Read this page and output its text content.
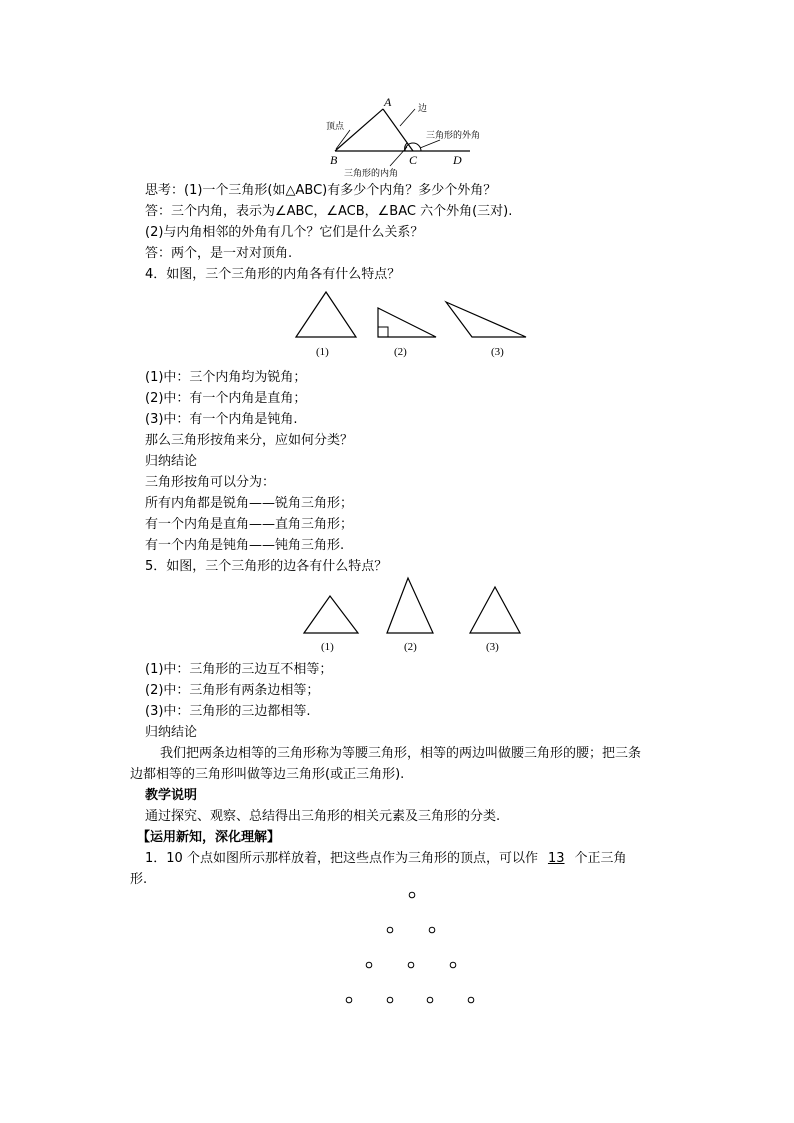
A
B	C	D
顶点
边
三角形的外角
三角形的内角
思考：(1)一个三角形(如△ABC)有多少个内角？多少个外角？
答：三个内角，表示为∠ABC，∠ACB，∠BAC 六个外角(三对).
(2)与内角相邻的外角有几个？它们是什么关系？
答：两个，是一对对顶角.
4．如图，三个三角形的内角各有什么特点？
(1)	(2)	(3)
(1)中：三个内角均为锐角；
(2)中：有一个内角是直角；
(3)中：有一个内角是钝角.
那么三角形按角来分，应如何分类？
归纳结论
三角形按角可以分为：
所有内角都是锐角——锐角三角形；
有一个内角是直角——直角三角形；
有一个内角是钝角——钝角三角形.
5．如图，三个三角形的边各有什么特点？
(1)	(2)	(3)
(1)中：三角形的三边互不相等；
(2)中：三角形有两条边相等；
(3)中：三角形的三边都相等.
归纳结论
我们把两条边相等的三角形称为等腰三角形，相等的两边叫做腰三角形的腰；把三条
边都相等的三角形叫做等边三角形(或正三角形).
教学说明
通过探究、观察、总结得出三角形的相关元素及三角形的分类.
【运用新知，深化理解】
1．10 个点如图所示那样放着，把这些点作为三角形的顶点，可以作 13 个正三角
形.
